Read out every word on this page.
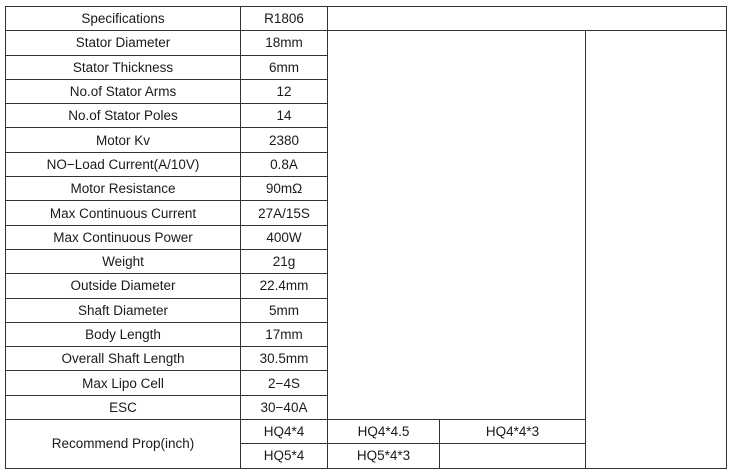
Specifications	R1806			
Stator Diameter	18mm			
Stator Thickness	6mm			
No.of Stator Arms	12			
No.of Stator Poles	14			
Motor Kv	2380			
NO−Load Current(A/10V)	0.8A			
Motor Resistance	90mΩ			
Max Continuous Current	27A/15S			
Max Continuous Power	400W			
Weight	21g			
Outside Diameter	22.4mm			
Shaft Diameter	5mm			
Body Length	17mm			
Overall Shaft Length	30.5mm			
Max Lipo Cell	2−4S			
ESC	30−40A			
Recommend Prop(inch)	HQ4*4	HQ4*4.5	HQ4*4*3	
	HQ5*4	HQ5*4*3		
